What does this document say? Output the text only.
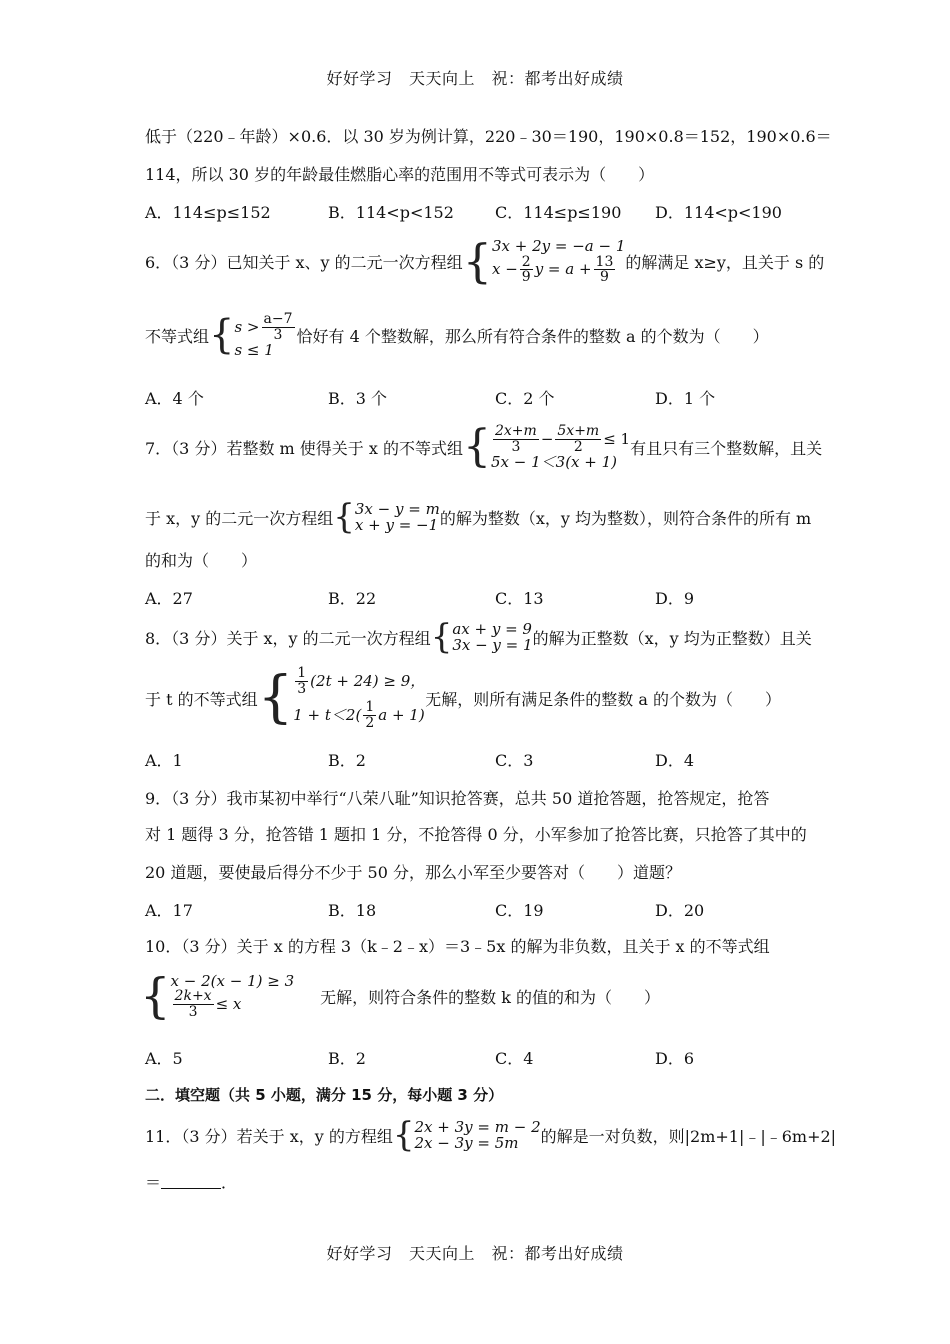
好好学习　天天向上　祝：都考出好成绩
低于（220﹣年龄）×0.6．以 30 岁为例计算，220﹣30＝190，190×0.8＝152，190×0.6＝
114，所以 30 岁的年龄最佳燃脂心率的范围用不等式可表示为（　　）
A．114≤p≤152	B．114<p<152	C．114≤p≤190 D．114<p<190
6．（3 分）已知关于 x、y 的二元一次方程组 { 3x + 2y = −a − 1
$x - \frac{2}{9}$ $y = a + \frac{13}{9}$ 的解满足 x≥y，且关于 s 的
不等式组 { $s > \frac{a-7}{3}$
s ≤ 1
恰好有 4 个整数解，那么所有符合条件的整数 a 的个数为（　　）
A．4 个	B．3 个	C．2 个	D．1 个
7．（3 分）若整数 m 使得关于 x 的不等式组 { $\frac{2x+m}{3} - \frac{5x+m}{2} \le 1$
5x − 1＜3(x + 1)
有且只有三个整数解，且关
于 x，y 的二元一次方程组 { 3x − y = m
x + y = −1 的解为整数（x，y 均为整数），则符合条件的所有 m
的和为（　　）
A．27	B．22	C．13	D．9
8．（3 分）关于 x，y 的二元一次方程组 { ax + y = 9
3x − y = 1 的解为正整数（x，y 均为正整数）且关
于 t 的不等式组 { $\frac{1}{3} (2t + 24) \ge 9$，
$1 + t<2( \frac{1}{2}$ a + 1)
无解，则所有满足条件的整数 a 的个数为（　　）
A．1	B．2	C．3	D．4
9．（3 分）我市某初中举行“八荣八耻”知识抢答赛，总共 50 道抢答题，抢答规定，抢答
对 1 题得 3 分，抢答错 1 题扣 1 分，不抢答得 0 分，小军参加了抢答比赛，只抢答了其中的
20 道题，要使最后得分不少于 50 分，那么小军至少要答对（　　）道题？
A．17	B．18	C．19	D．20
10．（3 分）关于 x 的方程 3（k﹣2﹣x）＝3﹣5x 的解为非负数，且关于 x 的不等式组
{ x − 2(x − 1) ≥ 3
$\frac{2k+x}{3} \le x$	无解，则符合条件的整数 k 的值的和为（　　）
A．5	B．2	C．4	D．6
二．填空题（共 5 小题，满分 15 分，每小题 3 分）
11．（3 分）若关于 x，y 的方程组 { 2x + 3y = m − 2
2x − 3y = 5m	的解是一对负数，则|2m+1|﹣|﹣6m+2|
＝	．
好好学习　天天向上　祝：都考出好成绩
